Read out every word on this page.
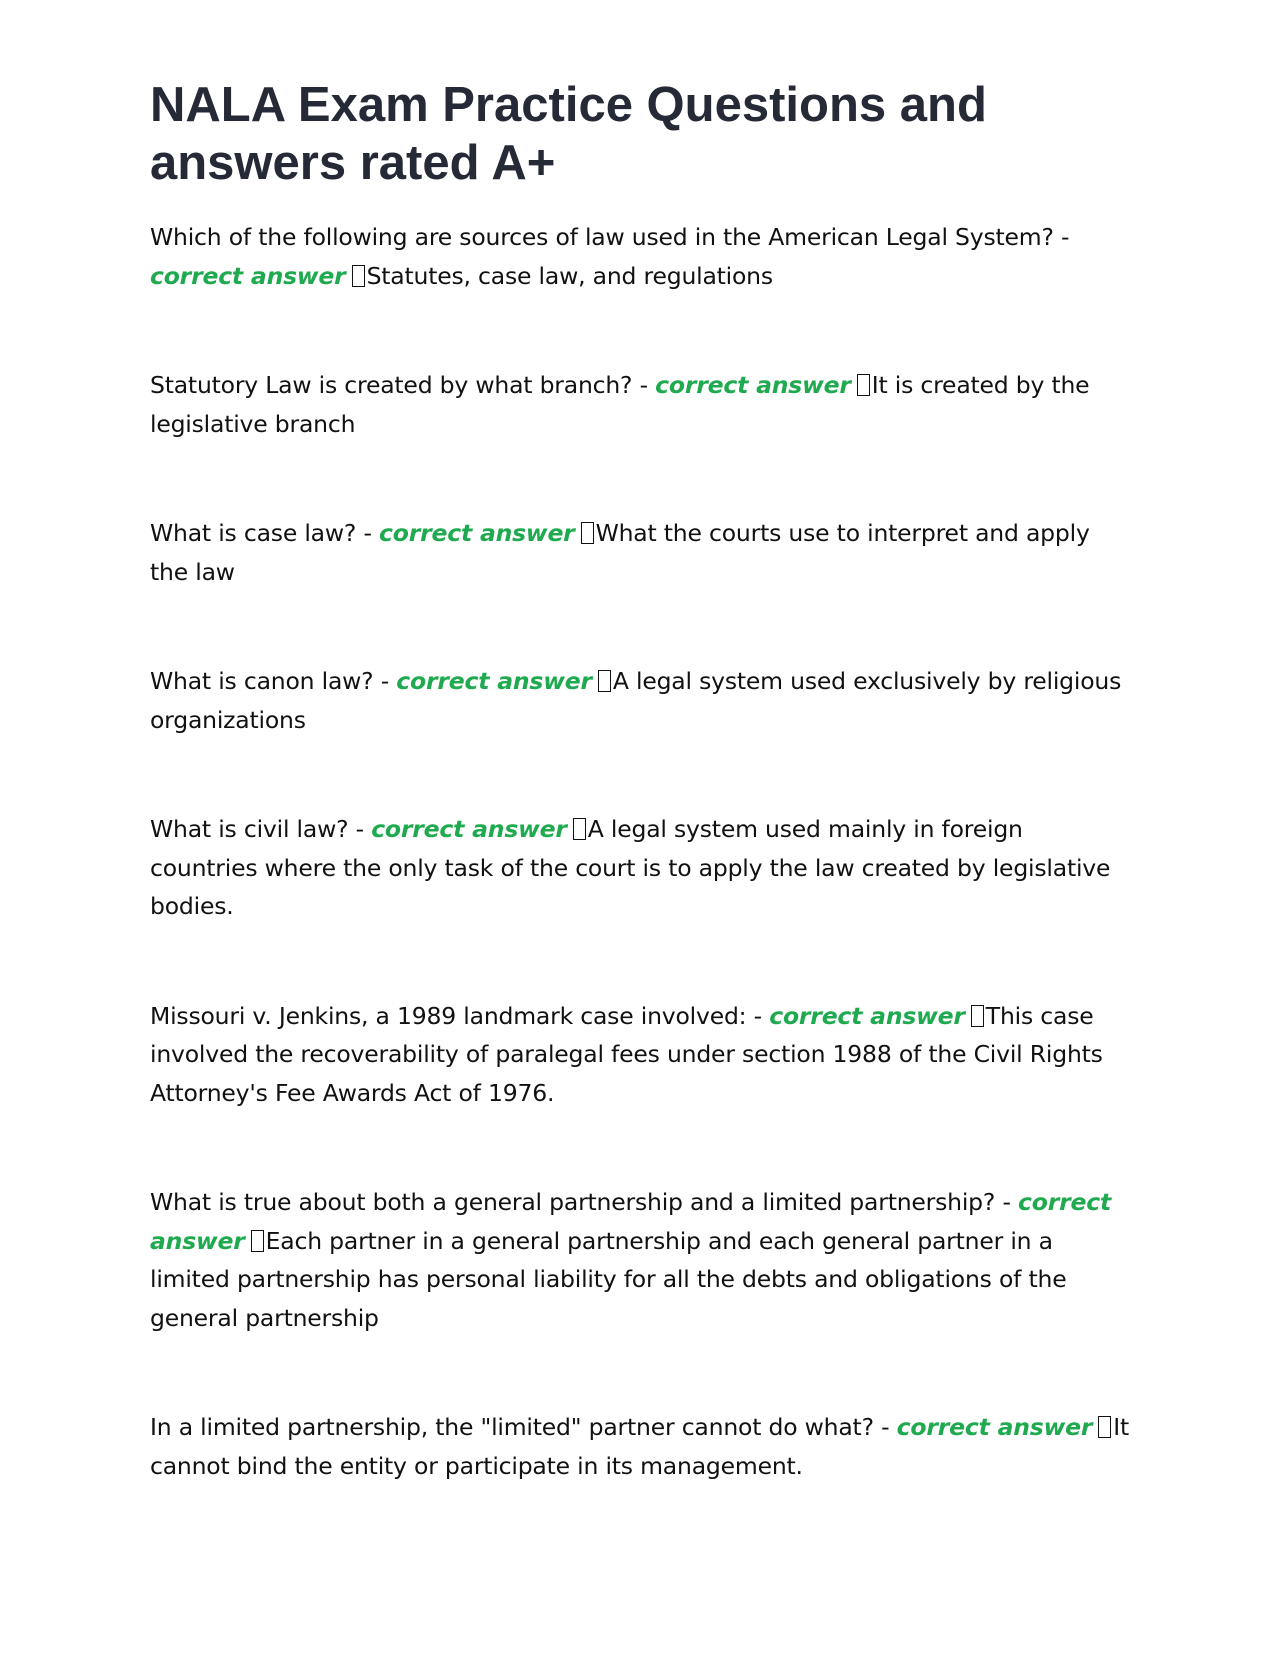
NALA Exam Practice Questions and answers rated A+
Which of the following are sources of law used in the American Legal System? - correct answer Statutes, case law, and regulations
Statutory Law is created by what branch? - correct answer It is created by the legislative branch
What is case law? - correct answer What the courts use to interpret and apply the law
What is canon law? - correct answer A legal system used exclusively by religious organizations
What is civil law? - correct answer A legal system used mainly in foreign countries where the only task of the court is to apply the law created by legislative bodies.
Missouri v. Jenkins, a 1989 landmark case involved: - correct answer This case involved the recoverability of paralegal fees under section 1988 of the Civil Rights Attorney's Fee Awards Act of 1976.
What is true about both a general partnership and a limited partnership? - correct answer Each partner in a general partnership and each general partner in a limited partnership has personal liability for all the debts and obligations of the general partnership
In a limited partnership, the "limited" partner cannot do what? - correct answer It cannot bind the entity or participate in its management.
